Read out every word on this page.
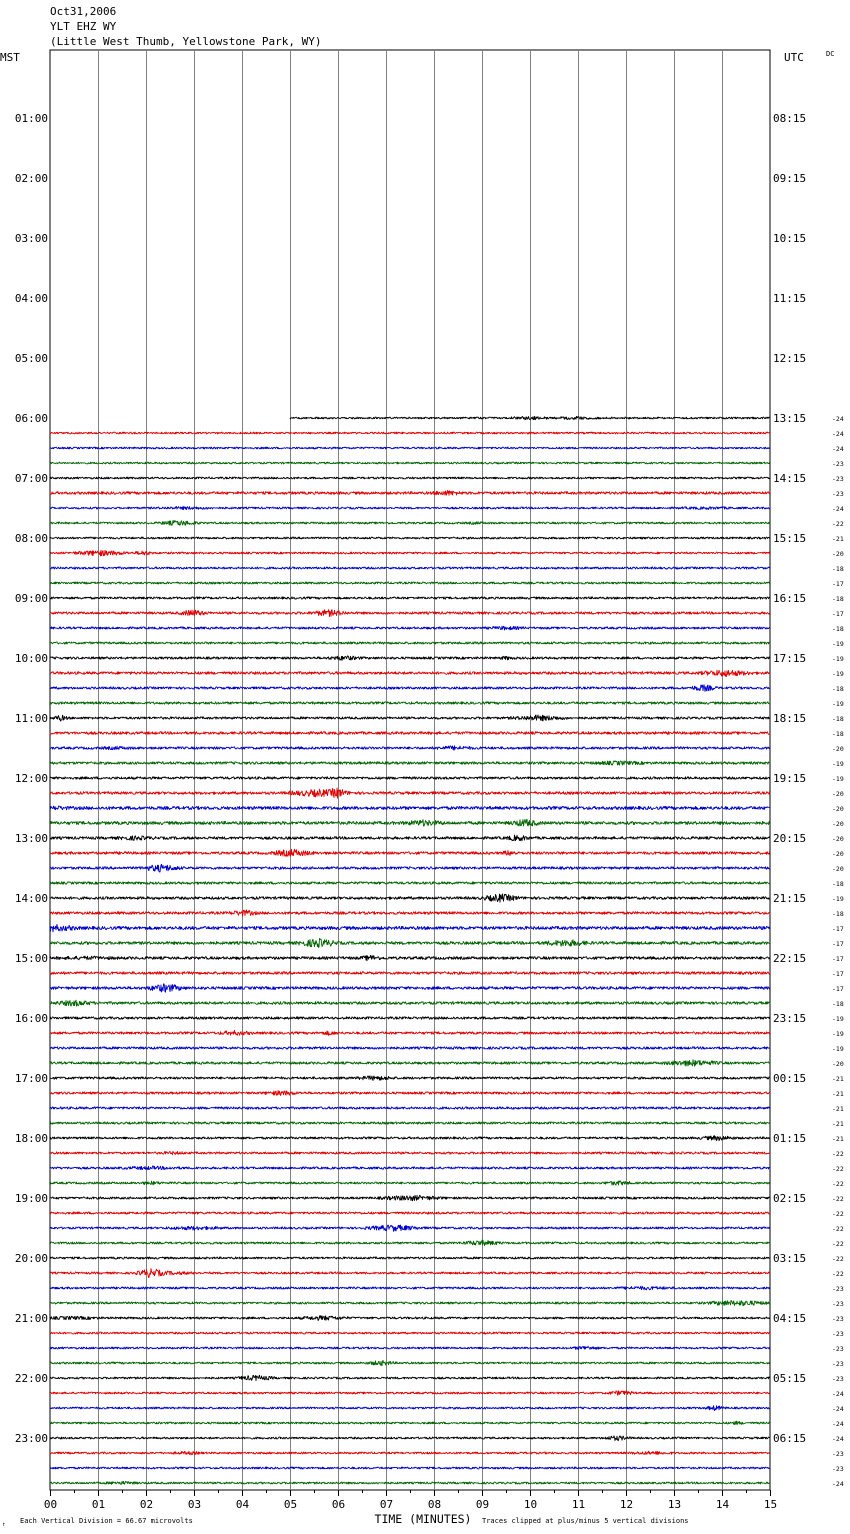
Oct31,2006
YLT EHZ WY
(Little West Thumb, Yellowstone Park, WY)
00	01	02	03	04	05	06	07	08	09	10	11	12	13	14	15
TIME (MINUTES)
Each Vertical Division = 66.67 microvolts	Traces clipped at plus/minus 5 vertical divisions
↑
MST	UTC	DC
01:00
02:00
03:00
04:00
05:00
06:00
07:00
08:00
09:00
10:00
11:00
12:00
13:00
14:00
15:00
16:00
17:00
18:00
19:00
20:00
21:00
22:00
23:00
08:15
09:15
10:15
11:15
12:15
13:15
14:15
15:15
16:15
17:15
18:15
19:15
20:15
21:15
22:15
23:15
00:15
01:15
02:15
03:15
04:15
05:15
06:15
-24
-24
-24
-23
-23
-23
-24
-22
-21
-20
-18
-17
-18
-17
-18
-19
-19
-19
-18
-19
-18
-18
-20
-19
-19
-20
-20
-20
-20
-20
-20
-18
-19
-18
-17
-17
-17
-17
-17
-18
-19
-19
-19
-20
-21
-21
-21
-21
-21
-22
-22
-22
-22
-22
-22
-22
-22
-22
-23
-23
-23
-23
-23
-23
-23
-24
-24
-24
-24
-23
-23
-24
